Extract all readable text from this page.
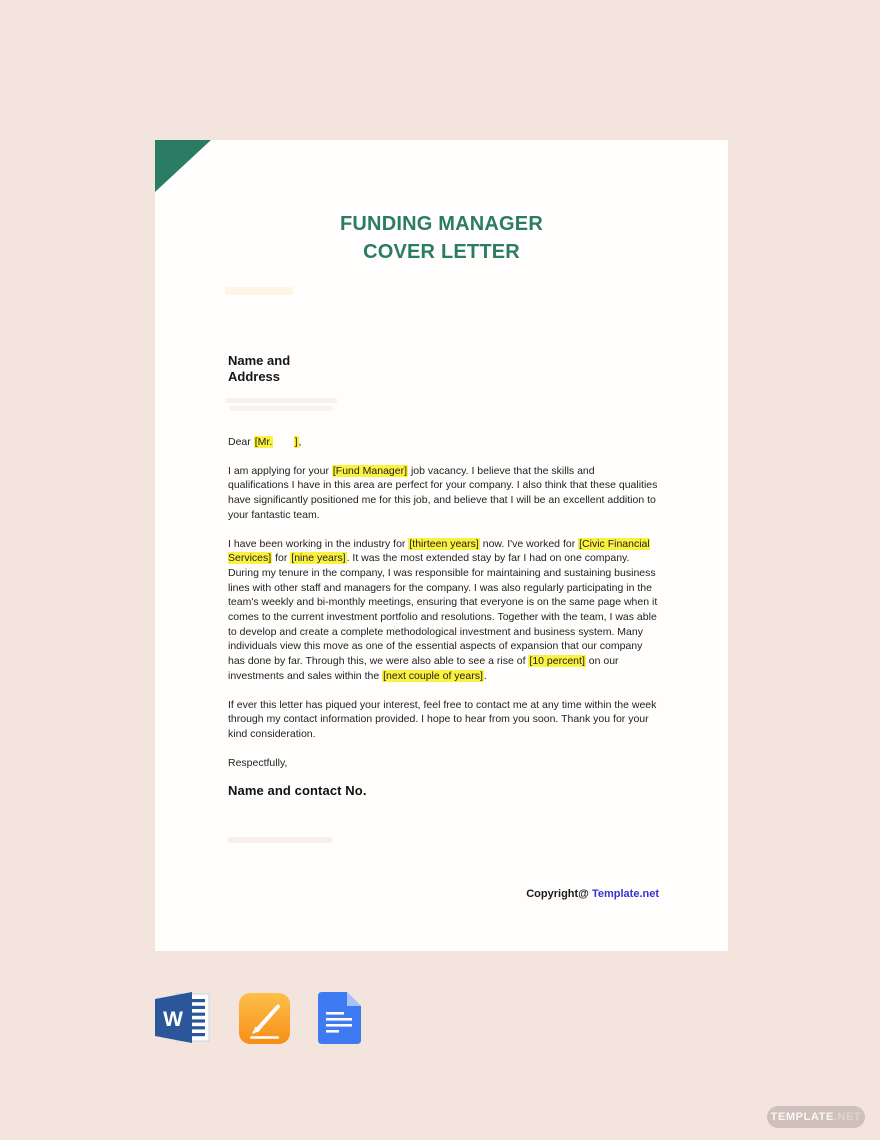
FUNDING MANAGER
COVER LETTER
Name and
Address

Dear [Mr. ],

I am applying for your [Fund Manager] job vacancy. I believe that the skills and qualifications I have in this area are perfect for your company. I also think that these qualities have significantly positioned me for this job, and believe that I will be an excellent addition to your fantastic team.

I have been working in the industry for [thirteen years] now. I've worked for [Civic Financial Services] for [nine years]. It was the most extended stay by far I had on one company. During my tenure in the company, I was responsible for maintaining and sustaining business lines with other staff and managers for the company. I was also regularly participating in the team's weekly and bi-monthly meetings, ensuring that everyone is on the same page when it comes to the current investment portfolio and resolutions. Together with the team, I was able to develop and create a complete methodological investment and business system. Many individuals view this move as one of the essential aspects of expansion that our company has done by far. Through this, we were also able to see a rise of [10 percent] on our investments and sales within the [next couple of years].

If ever this letter has piqued your interest, feel free to contact me at any time within the week through my contact information provided. I hope to hear from you soon. Thank you for your kind consideration.

Respectfully,

Name and contact No.

Copyright@ Template.net
W
TEMPLATE .NET
